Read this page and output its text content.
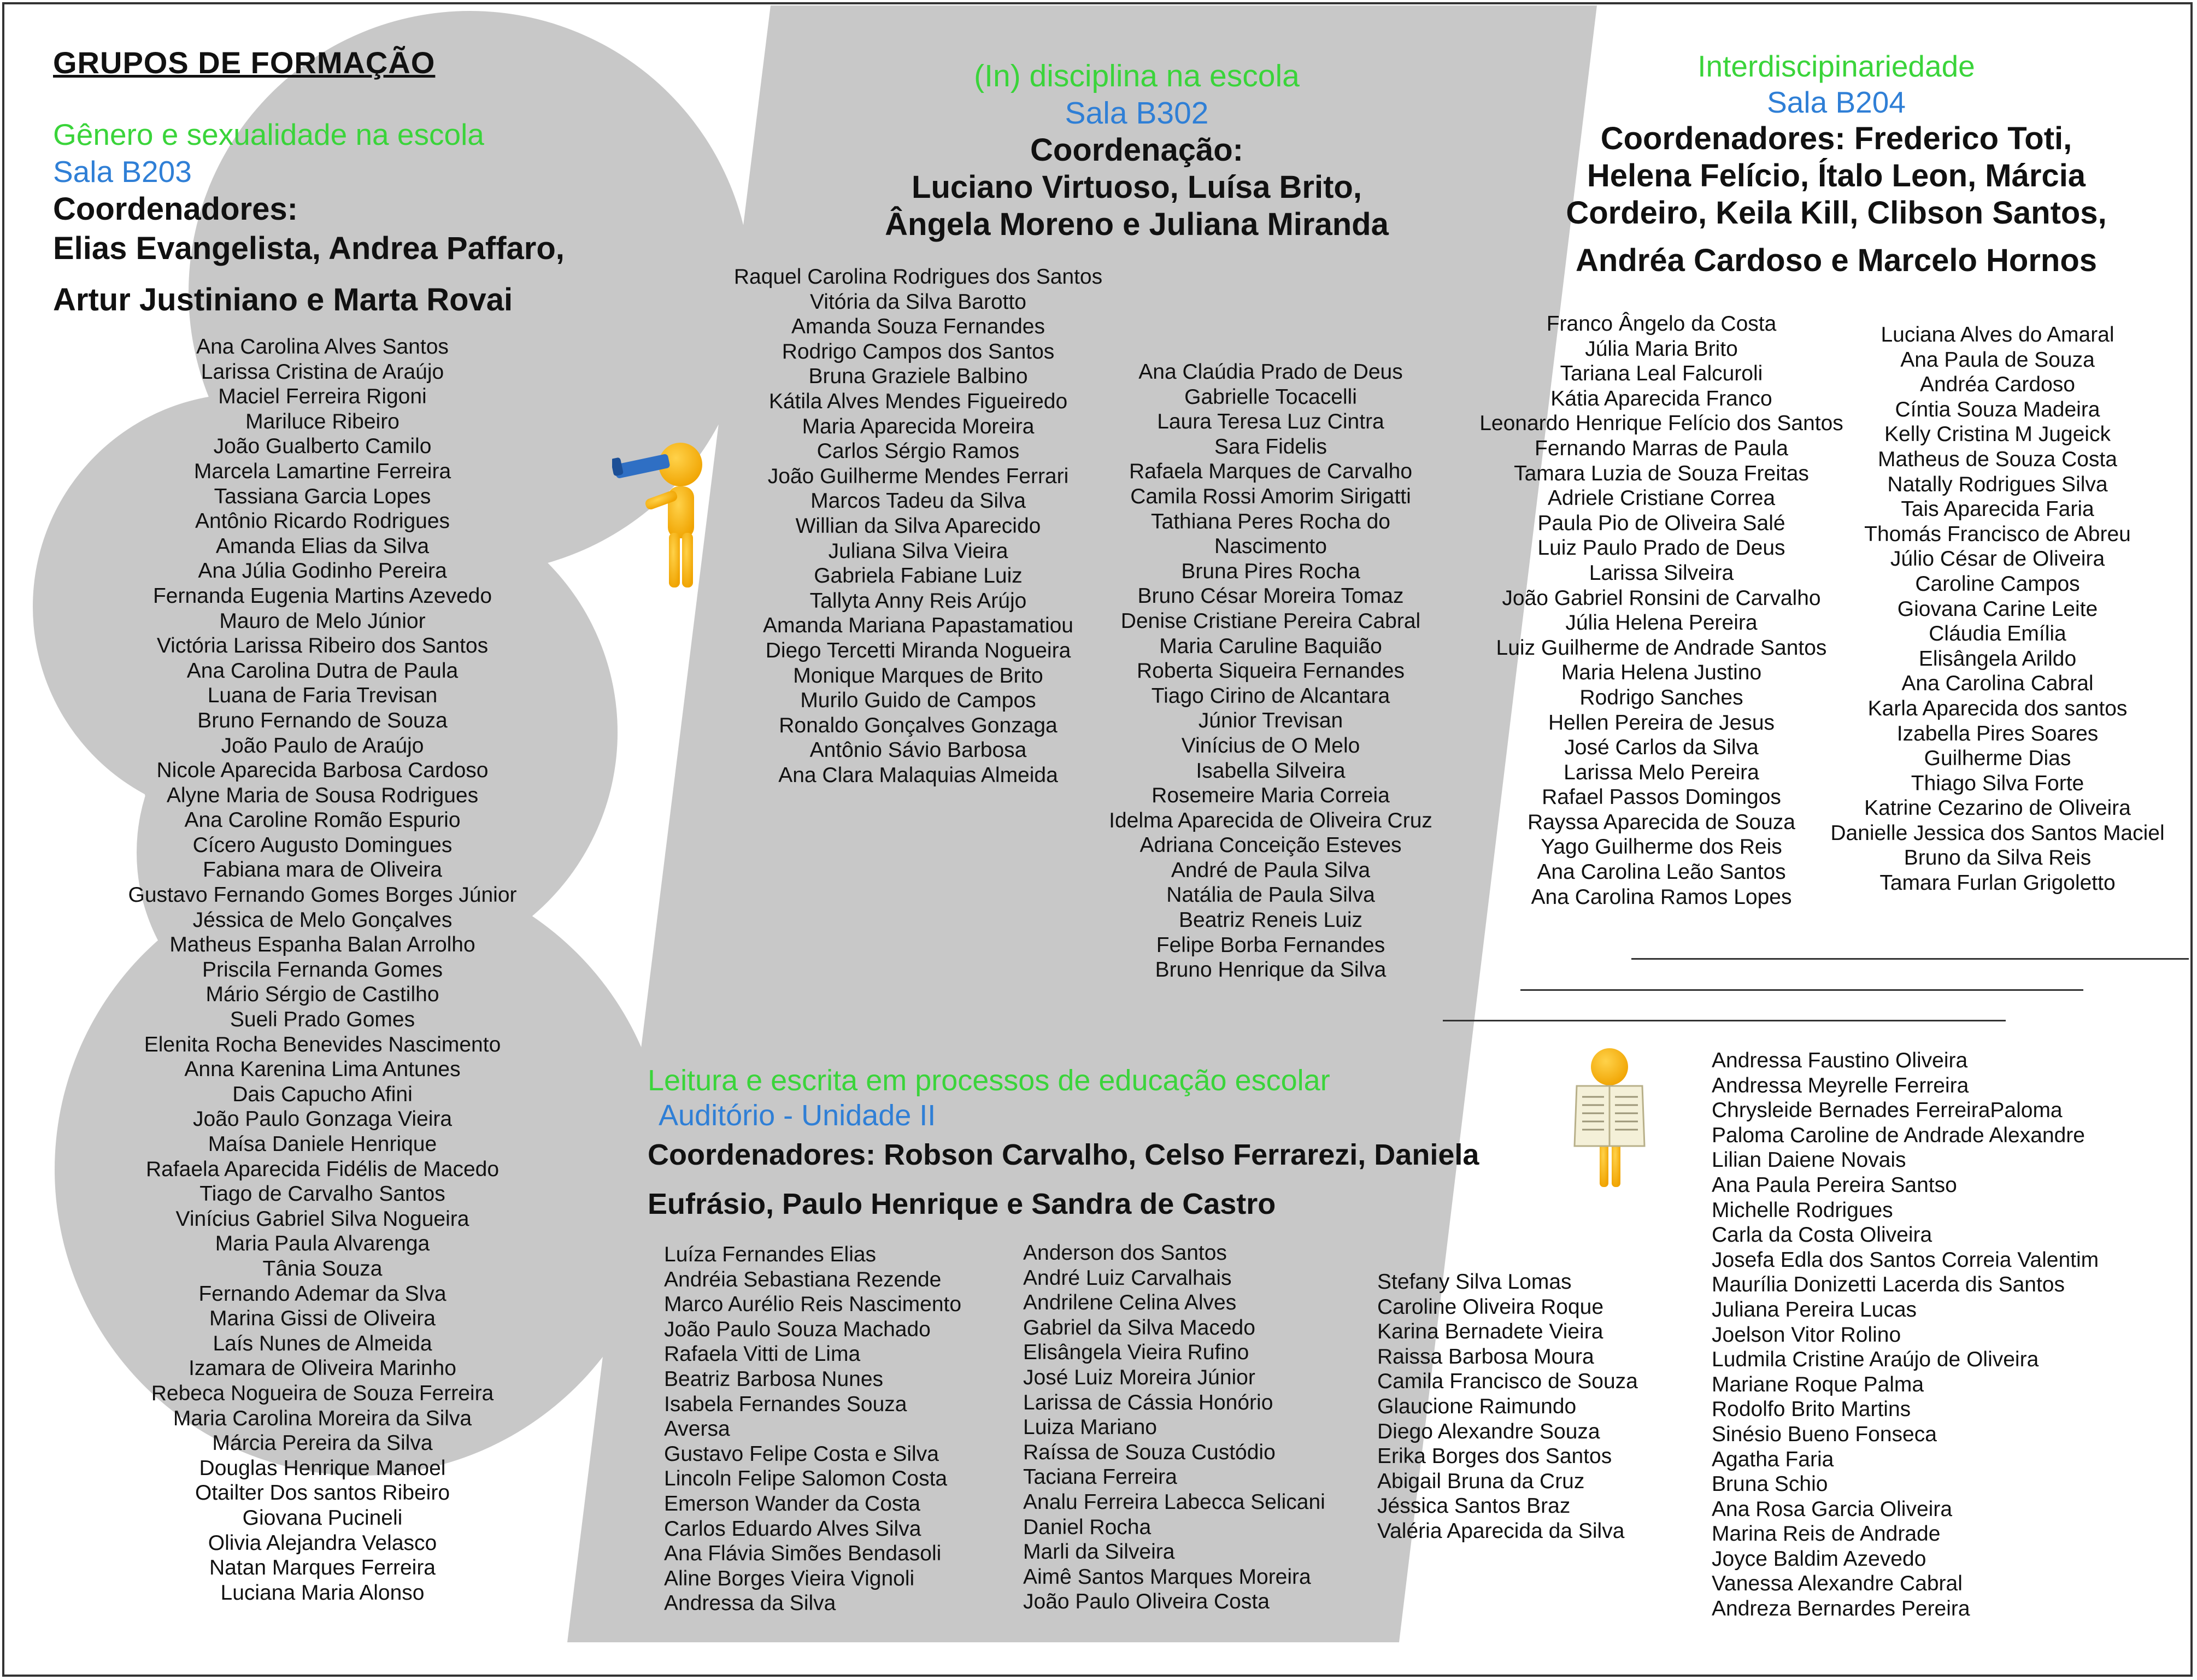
GRUPOS DE FORMAÇÃO
Gênero e sexualidade na escola
Sala B203
Coordenadores:
Elias Evangelista, Andrea Paffaro,
Artur Justiniano e Marta Rovai
Ana Carolina Alves Santos
Larissa Cristina de Araújo
Maciel Ferreira Rigoni
Mariluce Ribeiro
João Gualberto Camilo
Marcela Lamartine Ferreira
Tassiana Garcia Lopes
Antônio Ricardo Rodrigues
Amanda Elias da Silva
Ana Júlia Godinho Pereira
Fernanda Eugenia Martins Azevedo
Mauro de Melo Júnior
Victória Larissa Ribeiro dos Santos
Ana Carolina Dutra de Paula
Luana de Faria Trevisan
Bruno Fernando de Souza
João Paulo de Araújo
Nicole Aparecida Barbosa Cardoso
Alyne Maria de Sousa Rodrigues
Ana Caroline Romão Espurio
Cícero Augusto Domingues
Fabiana mara de Oliveira
Gustavo Fernando Gomes Borges Júnior
Jéssica de Melo Gonçalves
Matheus Espanha Balan Arrolho
Priscila Fernanda Gomes
Mário Sérgio de Castilho
Sueli Prado Gomes
Elenita Rocha Benevides Nascimento
Anna Karenina Lima Antunes
Dais Capucho Afini
João Paulo Gonzaga Vieira
Maísa Daniele Henrique
Rafaela Aparecida Fidélis de Macedo
Tiago de Carvalho Santos
Vinícius Gabriel Silva Nogueira
Maria Paula Alvarenga
Tânia Souza
Fernando Ademar da Slva
Marina Gissi de Oliveira
Laís Nunes de Almeida
Izamara de Oliveira Marinho
Rebeca Nogueira de Souza Ferreira
Maria Carolina Moreira da Silva
Márcia Pereira da Silva
Douglas Henrique Manoel
Otailter Dos santos Ribeiro
Giovana Pucineli
Olivia Alejandra Velasco
Natan Marques Ferreira
Luciana Maria Alonso
(In) disciplina na escola
Sala B302
Coordenação:
Luciano Virtuoso, Luísa Brito,
Ângela Moreno e Juliana Miranda
Raquel Carolina Rodrigues dos Santos
Vitória da Silva Barotto
Amanda Souza Fernandes
Rodrigo Campos dos Santos
Bruna Graziele Balbino
Kátila Alves Mendes Figueiredo
Maria Aparecida Moreira
Carlos Sérgio Ramos
João Guilherme Mendes Ferrari
Marcos Tadeu da Silva
Willian da Silva Aparecido
Juliana Silva Vieira
Gabriela Fabiane Luiz
Tallyta Anny Reis Arújo
Amanda Mariana Papastamatiou
Diego Tercetti Miranda Nogueira
Monique Marques de Brito
Murilo Guido de Campos
Ronaldo Gonçalves Gonzaga
Antônio Sávio Barbosa
Ana Clara Malaquias Almeida
Ana Claúdia Prado de Deus
Gabrielle Tocacelli
Laura Teresa Luz Cintra
Sara Fidelis
Rafaela Marques de Carvalho
Camila Rossi Amorim Sirigatti
Tathiana Peres Rocha do
Nascimento
Bruna Pires Rocha
Bruno César Moreira Tomaz
Denise Cristiane Pereira Cabral
Maria Caruline Baquião
Roberta Siqueira Fernandes
Tiago Cirino de Alcantara
Júnior Trevisan
Vinícius de O Melo
Isabella Silveira
Rosemeire Maria Correia
Idelma Aparecida de Oliveira Cruz
Adriana Conceição Esteves
André de Paula Silva
Natália de Paula Silva
Beatriz Reneis Luiz
Felipe Borba Fernandes
Bruno Henrique da Silva
Interdiscipinariedade
Sala B204
Coordenadores: Frederico Toti,
Helena Felício, Ítalo Leon, Márcia
Cordeiro, Keila Kill, Clibson Santos,
Andréa Cardoso e Marcelo Hornos
Franco Ângelo da Costa
Júlia Maria Brito
Tariana Leal Falcuroli
Kátia Aparecida Franco
Leonardo Henrique Felício dos Santos
Fernando Marras de Paula
Tamara Luzia de Souza Freitas
Adriele Cristiane Correa
Paula Pio de Oliveira Salé
Luiz Paulo Prado de Deus
Larissa Silveira
João Gabriel Ronsini de Carvalho
Júlia Helena Pereira
Luiz Guilherme de Andrade Santos
Maria Helena Justino
Rodrigo Sanches
Hellen Pereira de Jesus
José Carlos da Silva
Larissa Melo Pereira
Rafael Passos Domingos
Rayssa Aparecida de Souza
Yago Guilherme dos Reis
Ana Carolina Leão Santos
Ana Carolina Ramos Lopes
Luciana Alves do Amaral
Ana Paula de Souza
Andréa Cardoso
Cíntia Souza Madeira
Kelly Cristina M Jugeick
Matheus de Souza Costa
Natally Rodrigues Silva
Tais Aparecida Faria
Thomás Francisco de Abreu
Júlio César de Oliveira
Caroline Campos
Giovana Carine Leite
Cláudia Emília
Elisângela Arildo
Ana Carolina Cabral
Karla Aparecida dos santos
Izabella Pires Soares
Guilherme Dias
Thiago Silva Forte
Katrine Cezarino de Oliveira
Danielle Jessica dos Santos Maciel
Bruno da Silva Reis
Tamara Furlan Grigoletto
Leitura e escrita em processos de educação escolar
Auditório - Unidade II
Coordenadores: Robson Carvalho, Celso Ferrarezi, Daniela
Eufrásio, Paulo Henrique e Sandra de Castro
Luíza Fernandes Elias
Andréia Sebastiana Rezende
Marco Aurélio Reis Nascimento
João Paulo Souza Machado
Rafaela Vitti de Lima
Beatriz Barbosa Nunes
Isabela Fernandes Souza
Aversa
Gustavo Felipe Costa e Silva
Lincoln Felipe Salomon Costa
Emerson Wander da Costa
Carlos Eduardo Alves Silva
Ana Flávia Simões Bendasoli
Aline Borges Vieira Vignoli
Andressa da Silva
Anderson dos Santos
André Luiz Carvalhais
Andrilene Celina Alves
Gabriel da Silva Macedo
Elisângela Vieira Rufino
José Luiz Moreira Júnior
Larissa de Cássia Honório
Luiza Mariano
Raíssa de Souza Custódio
Taciana Ferreira
Analu Ferreira Labecca Selicani
Daniel Rocha
Marli da Silveira
Aimê Santos Marques Moreira
João Paulo Oliveira Costa
Stefany Silva Lomas
Caroline Oliveira Roque
Karina Bernadete Vieira
Raissa Barbosa Moura
Camila Francisco de Souza
Glaucione Raimundo
Diego Alexandre Souza
Erika Borges dos Santos
Abigail Bruna da Cruz
Jéssica Santos Braz
Valéria Aparecida da Silva
Andressa Faustino Oliveira
Andressa Meyrelle Ferreira
Chrysleide Bernades FerreiraPaloma
Paloma Caroline de Andrade Alexandre
Lilian Daiene Novais
Ana Paula Pereira Santso
Michelle Rodrigues
Carla da Costa Oliveira
Josefa Edla dos Santos Correia Valentim
Maurília Donizetti Lacerda dis Santos
Juliana Pereira Lucas
Joelson Vitor Rolino
Ludmila Cristine Araújo de Oliveira
Mariane Roque Palma
Rodolfo Brito Martins
Sinésio Bueno Fonseca
Agatha Faria
Bruna Schio
Ana Rosa Garcia Oliveira
Marina Reis de Andrade
Joyce Baldim Azevedo
Vanessa Alexandre Cabral
Andreza Bernardes Pereira
